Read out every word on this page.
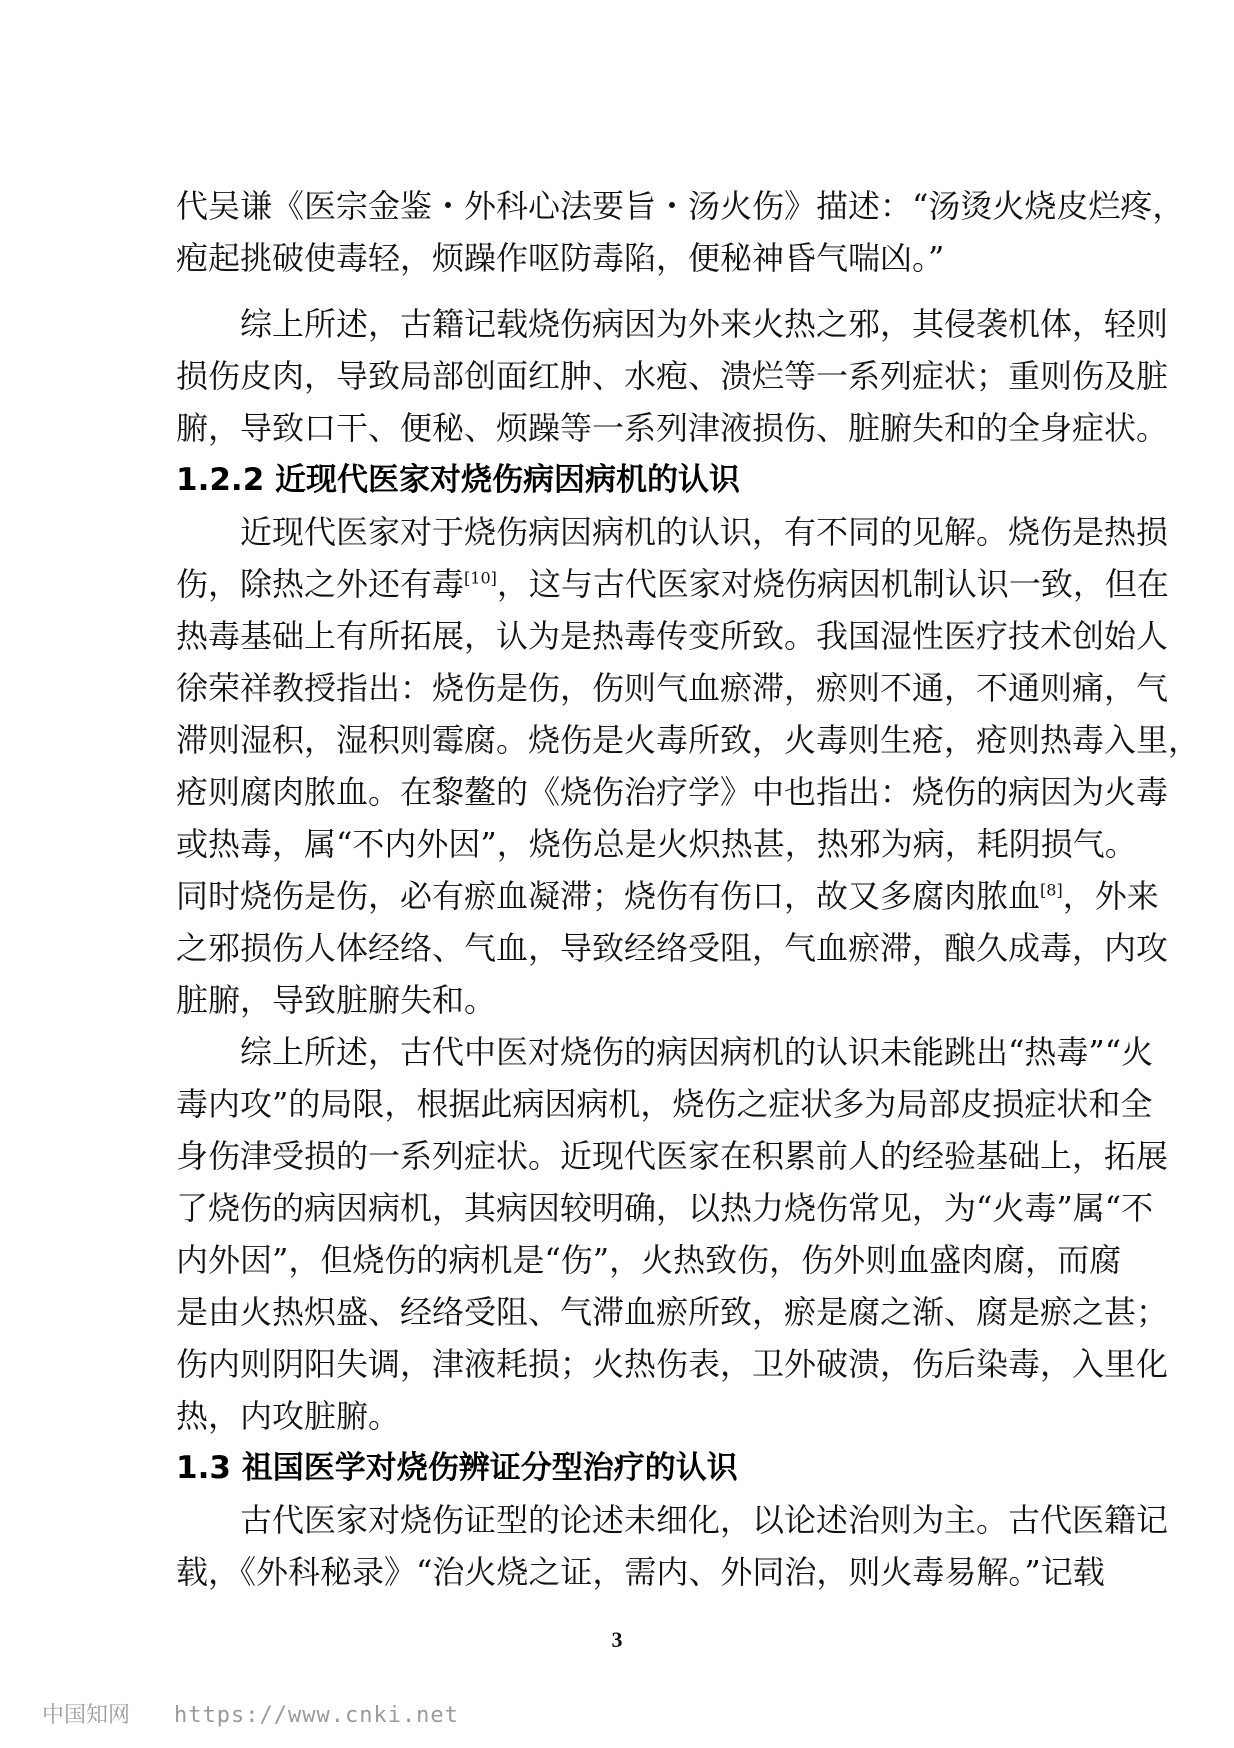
代吴谦《医宗金鉴・外科心法要旨・汤火伤》描述：“汤烫火烧皮烂疼，
疱起挑破使毒轻，烦躁作呕防毒陷，便秘神昏气喘凶。”
综上所述，古籍记载烧伤病因为外来火热之邪，其侵袭机体，轻则
损伤皮肉，导致局部创面红肿、水疱、溃烂等一系列症状；重则伤及脏
腑，导致口干、便秘、烦躁等一系列津液损伤、脏腑失和的全身症状。
1.2.2 近现代医家对烧伤病因病机的认识
近现代医家对于烧伤病因病机的认识，有不同的见解。烧伤是热损
伤，除热之外还有毒[10]，这与古代医家对烧伤病因机制认识一致，但在
热毒基础上有所拓展，认为是热毒传变所致。我国湿性医疗技术创始人
徐荣祥教授指出：烧伤是伤，伤则气血瘀滞，瘀则不通，不通则痛，气
滞则湿积，湿积则霉腐。烧伤是火毒所致，火毒则生疮，疮则热毒入里，
疮则腐肉脓血。在黎鳌的《烧伤治疗学》中也指出：烧伤的病因为火毒
或热毒，属“不内外因”，烧伤总是火炽热甚，热邪为病，耗阴损气。
同时烧伤是伤，必有瘀血凝滞；烧伤有伤口，故又多腐肉脓血[8]，外来
之邪损伤人体经络、气血，导致经络受阻，气血瘀滞，酿久成毒，内攻
脏腑，导致脏腑失和。
综上所述，古代中医对烧伤的病因病机的认识未能跳出“热毒”“火
毒内攻”的局限，根据此病因病机，烧伤之症状多为局部皮损症状和全
身伤津受损的一系列症状。近现代医家在积累前人的经验基础上，拓展
了烧伤的病因病机，其病因较明确，以热力烧伤常见，为“火毒”属“不
内外因”，但烧伤的病机是“伤”，火热致伤，伤外则血盛肉腐，而腐
是由火热炽盛、经络受阻、气滞血瘀所致，瘀是腐之渐、腐是瘀之甚；
伤内则阴阳失调，津液耗损；火热伤表，卫外破溃，伤后染毒，入里化
热，内攻脏腑。
1.3 祖国医学对烧伤辨证分型治疗的认识
古代医家对烧伤证型的论述未细化，以论述治则为主。古代医籍记
载，《外科秘录》“治火烧之证，需内、外同治，则火毒易解。”记载
3
中国知网 https://www.cnki.net
